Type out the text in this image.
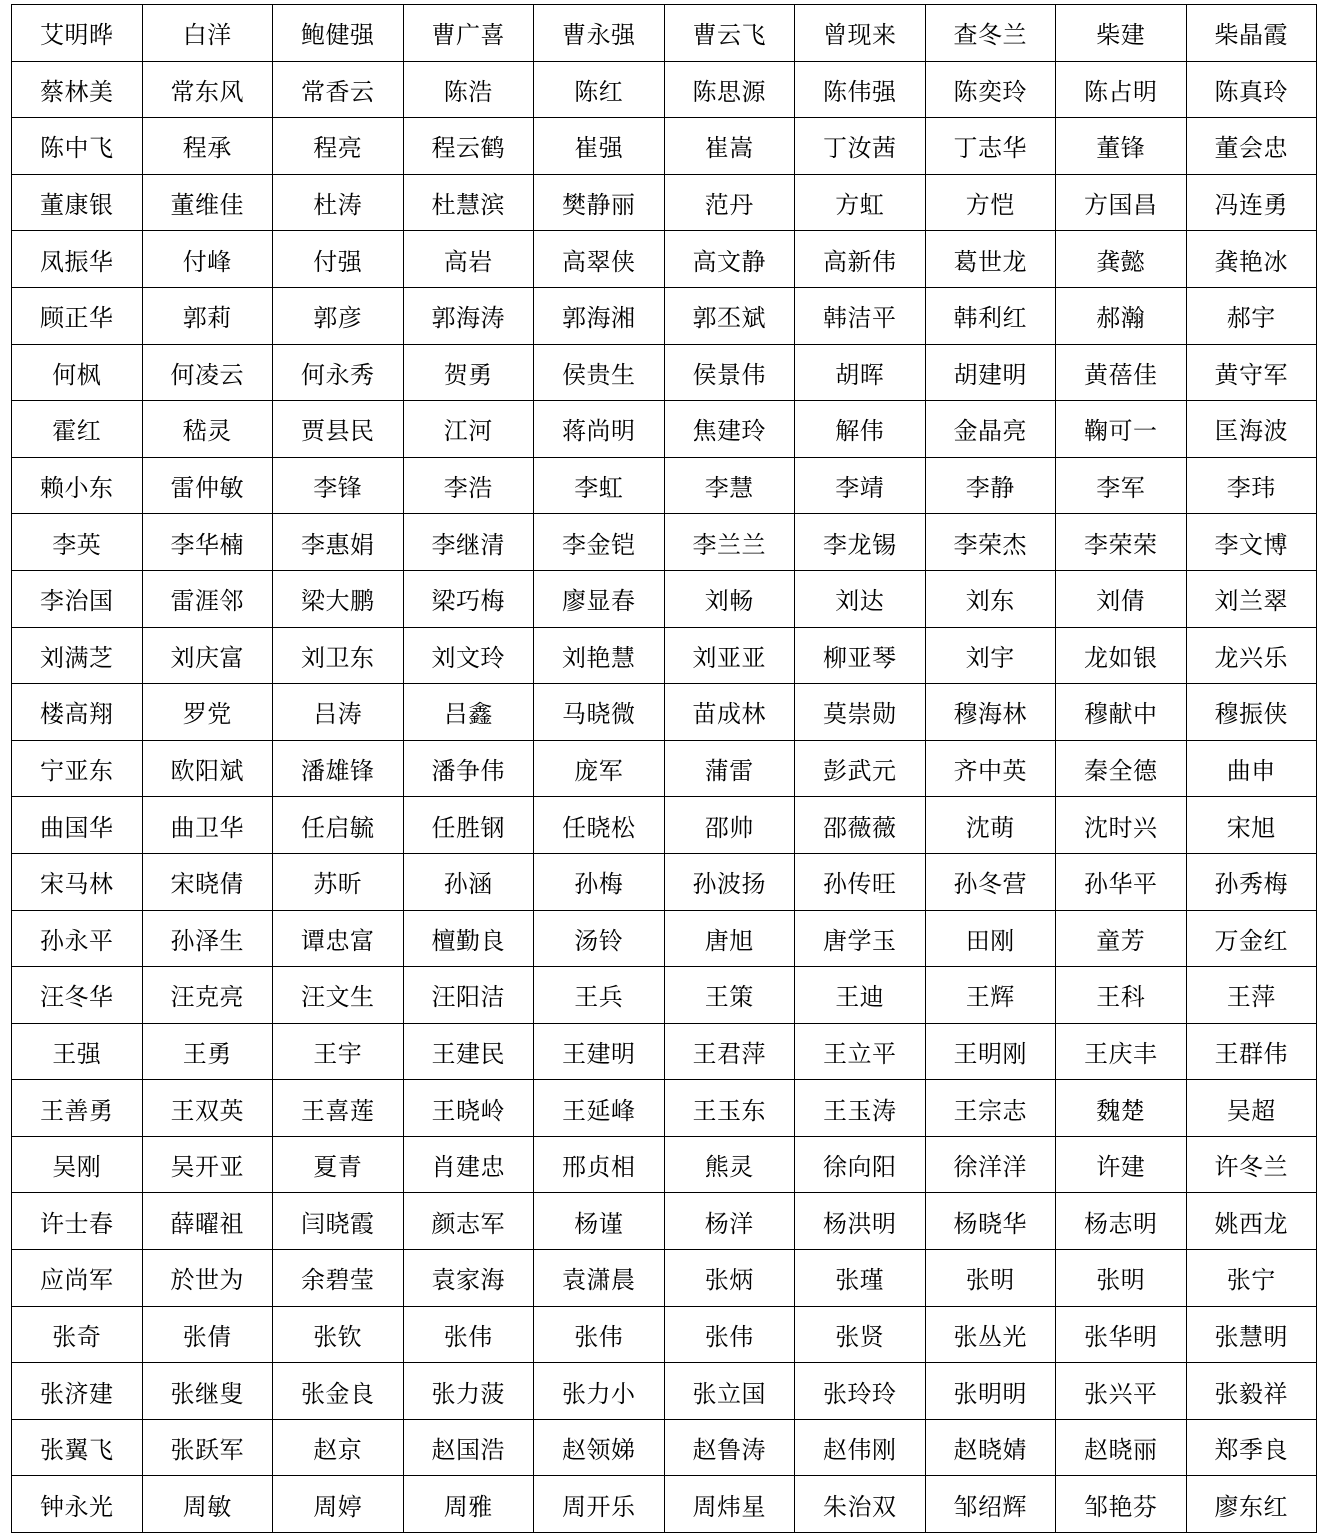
艾明晔	白洋	鲍健强	曹广喜	曹永强	曹云飞	曾现来	查冬兰	柴建	柴晶霞
蔡林美	常东风	常香云	陈浩	陈红	陈思源	陈伟强	陈奕玲	陈占明	陈真玲
陈中飞	程承	程亮	程云鹤	崔强	崔嵩	丁汝茜	丁志华	董锋	董会忠
董康银	董维佳	杜涛	杜慧滨	樊静丽	范丹	方虹	方恺	方国昌	冯连勇
凤振华	付峰	付强	高岩	高翠侠	高文静	高新伟	葛世龙	龚懿	龚艳冰
顾正华	郭莉	郭彦	郭海涛	郭海湘	郭丕斌	韩洁平	韩利红	郝瀚	郝宇
何枫	何凌云	何永秀	贺勇	侯贵生	侯景伟	胡晖	胡建明	黄蓓佳	黄守军
霍红	嵇灵	贾县民	江河	蒋尚明	焦建玲	解伟	金晶亮	鞠可一	匡海波
赖小东	雷仲敏	李锋	李浩	李虹	李慧	李靖	李静	李军	李玮
李英	李华楠	李惠娟	李继清	李金铠	李兰兰	李龙锡	李荣杰	李荣荣	李文博
李治国	雷涯邻	梁大鹏	梁巧梅	廖显春	刘畅	刘达	刘东	刘倩	刘兰翠
刘满芝	刘庆富	刘卫东	刘文玲	刘艳慧	刘亚亚	柳亚琴	刘宇	龙如银	龙兴乐
楼高翔	罗党	吕涛	吕鑫	马晓微	苗成林	莫崇勋	穆海林	穆献中	穆振侠
宁亚东	欧阳斌	潘雄锋	潘争伟	庞军	蒲雷	彭武元	齐中英	秦全德	曲申
曲国华	曲卫华	任启毓	任胜钢	任晓松	邵帅	邵薇薇	沈萌	沈时兴	宋旭
宋马林	宋晓倩	苏昕	孙涵	孙梅	孙波扬	孙传旺	孙冬营	孙华平	孙秀梅
孙永平	孙泽生	谭忠富	檀勤良	汤铃	唐旭	唐学玉	田刚	童芳	万金红
汪冬华	汪克亮	汪文生	汪阳洁	王兵	王策	王迪	王辉	王科	王萍
王强	王勇	王宇	王建民	王建明	王君萍	王立平	王明刚	王庆丰	王群伟
王善勇	王双英	王喜莲	王晓岭	王延峰	王玉东	王玉涛	王宗志	魏楚	吴超
吴刚	吴开亚	夏青	肖建忠	邢贞相	熊灵	徐向阳	徐洋洋	许建	许冬兰
许士春	薛曜祖	闫晓霞	颜志军	杨谨	杨洋	杨洪明	杨晓华	杨志明	姚西龙
应尚军	於世为	余碧莹	袁家海	袁潇晨	张炳	张瑾	张明	张明	张宁
张奇	张倩	张钦	张伟	张伟	张伟	张贤	张丛光	张华明	张慧明
张济建	张继叟	张金良	张力菠	张力小	张立国	张玲玲	张明明	张兴平	张毅祥
张翼飞	张跃军	赵京	赵国浩	赵领娣	赵鲁涛	赵伟刚	赵晓婧	赵晓丽	郑季良
钟永光	周敏	周婷	周雅	周开乐	周炜星	朱治双	邹绍辉	邹艳芬	廖东红
